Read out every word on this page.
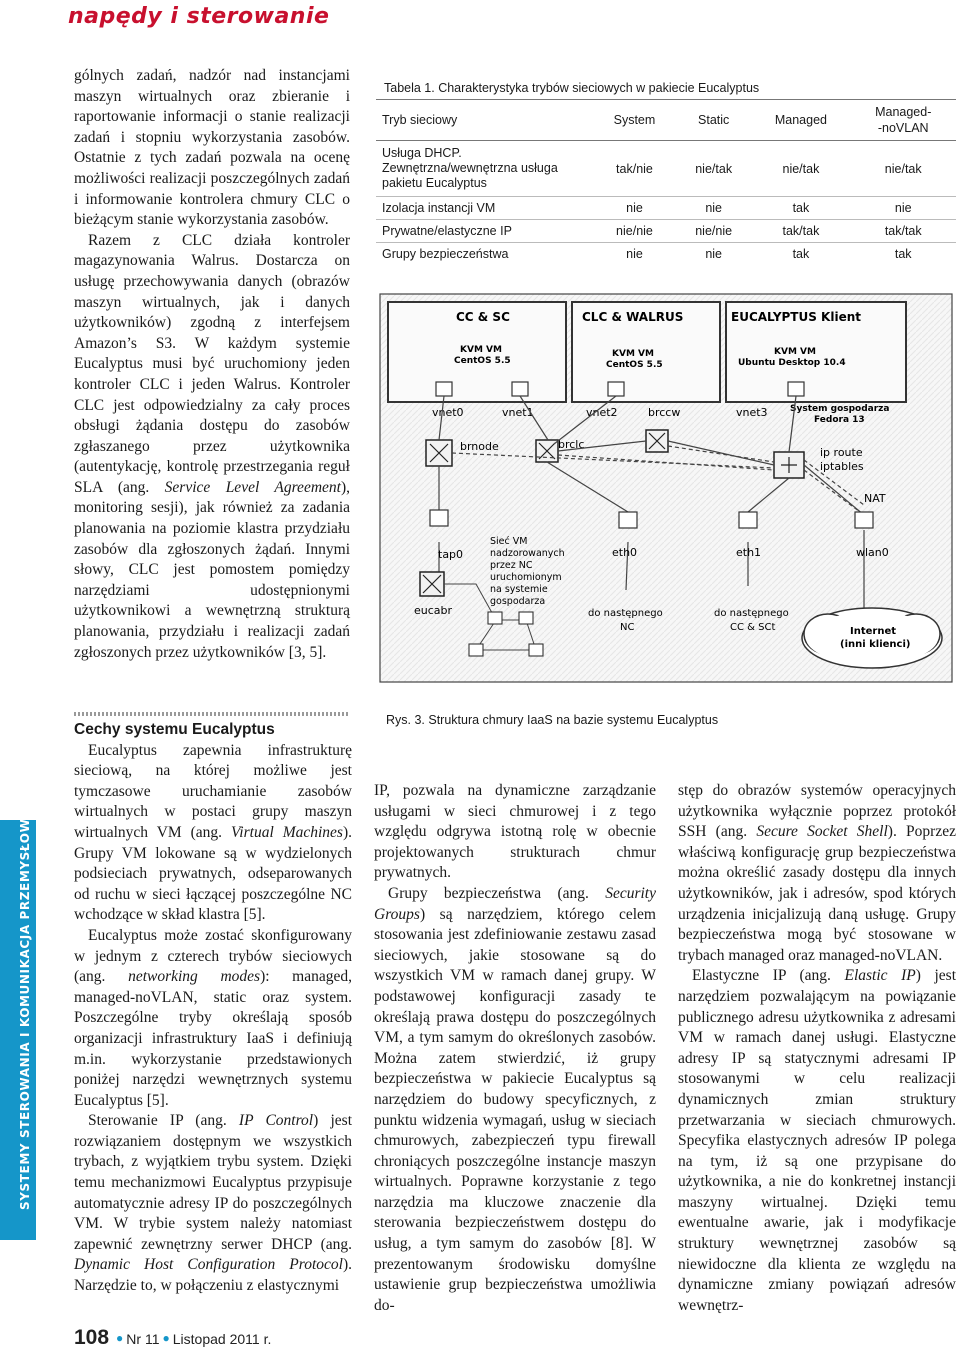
napędy i sterowanie
SYSTEMY STEROWANIA I KOMUNIKACJA PRZEMYSŁOWA

gólnych zadań, nadzór nad instancjami maszyn wirtualnych oraz zbieranie i raportowanie informacji o stanie realizacji zadań i stopniu wykorzystania zasobów. Ostatnie z tych zadań pozwala na ocenę możliwości realizacji poszczególnych zadań i informowanie kontrolera chmury CLC o bieżącym stanie wykorzystania zasobów.

Razem z CLC działa kontroler magazynowania Walrus. Dostarcza on usługę przechowywania danych (obrazów maszyn wirtualnych, jak i danych użytkowników) zgodną z interfejsem Amazon’s S3. W każdym systemie Eucalyptus musi być uruchomiony jeden kontroler CLC i jeden Walrus. Kontroler CLC jest odpowiedzialny za cały proces obsługi żądania dostępu do zasobów zgłaszanego przez użytkownika (autentykację, kontrolę przestrzegania reguł SLA (ang. Service Level Agreement), monitoring sesji), jak również za zadania planowania na poziomie klastra przydziału zasobów dla zgłoszonych żądań. Innymi słowy, CLC jest pomostem pomiędzy narzędziami udostępnionymi użytkownikowi a wewnętrzną strukturą planowania, przydziału i realizacji zadań zgłoszonych przez użytkowników [3, 5].

Cechy systemu Eucalyptus

Eucalyptus zapewnia infrastrukturę sieciową, na której możliwe jest tymczasowe uruchamianie zasobów wirtualnych w postaci grupy maszyn wirtualnych VM (ang. Virtual Machines). Grupy VM lokowane są w wydzielonych podsieciach prywatnych, odseparowanych od ruchu w sieci łączącej poszczególne NC wchodzące w skład klastra [5].

Eucalyptus może zostać skonfigurowany w jednym z czterech trybów sieciowych (ang. networking modes): managed, managed-noVLAN, static oraz system. Poszczególne tryby określają sposób organizacji infrastruktury IaaS i definiują m.in. wykorzystanie przedstawionych poniżej narzędzi wewnętrznych systemu Eucalyptus [5].

Sterowanie IP (ang. IP Control) jest rozwiązaniem dostępnym we wszystkich trybach, z wyjątkiem trybu system. Dzięki temu mechanizmowi Eucalyptus przypisuje automatycznie adresy IP do poszczególnych VM. W trybie system należy natomiast zapewnić zewnętrzny serwer DHCP (ang. Dynamic Host Configuration Protocol). Narzędzie to, w połączeniu z elastycznymi

Tabela 1. Charakterystyka trybów sieciowych w pakiecie Eucalyptus
Tryb sieciowy	System	Static	Managed	Managed-
-noVLAN
Usługa DHCP. Zewnętrzna/wewnętrzna usługa pakietu Eucalyptus	tak/nie	nie/tak	nie/tak	nie/tak
Izolacja instancji VM	nie	nie	tak	nie
Prywatne/elastyczne IP	nie/nie	nie/nie	tak/tak	tak/tak
Grupy bezpieczeństwa	nie	nie	tak	tak
CC & SC	CLC & WALRUS	EUCALYPTUS Klient
KVM VM
CentOS 5.5
KVM VM
CentOS 5.5
KVM VM
Ubuntu Desktop 10.4
System gospodarza
Fedora 13
vnet0	vnet1	vnet2	brccw	vnet3
brnode	brclc
ip route
iptables
NAT
tap0	eth0	eth1	wlan0
eucabr
Sieć VM
nadzorowanych
przez NC
uruchomionym
na systemie
gospodarza
do następnego
NC
do następnego
CC & SCt	Internet
(inni klienci)
Rys. 3. Struktura chmury IaaS na bazie systemu Eucalyptus

IP, pozwala na dynamiczne zarządzanie usługami w sieci chmurowej i z tego względu odgrywa istotną rolę w obecnie projektowanych strukturach chmur prywatnych.

Grupy bezpieczeństwa (ang. Security Groups) są narzędziem, którego celem stosowania jest zdefiniowanie zestawu zasad sieciowych, jakie stosowane są do wszystkich VM w ramach danej grupy. W podstawowej konfiguracji zasady te określają prawa dostępu do poszczególnych VM, a tym samym do określonych zasobów. Można zatem stwierdzić, iż grupy bezpieczeństwa w pakiecie Eucalyptus są narzędziem do budowy specyficznych, z punktu widzenia wymagań, usług w sieciach chmurowych, zabezpieczeń typu firewall chroniących poszczególne instancje maszyn wirtualnych. Poprawne korzystanie z tego narzędzia ma kluczowe znaczenie dla sterowania bezpieczeństwem dostępu do usług, a tym samym do zasobów [8]. W prezentowanym środowisku domyślne ustawienie grup bezpieczeństwa umożliwia do-

stęp do obrazów systemów operacyjnych użytkownika wyłącznie poprzez protokół SSH (ang. Secure Socket Shell). Poprzez właściwą konfigurację grup bezpieczeństwa można określić zasady dostępu dla innych użytkowników, jak i adresów, spod których urządzenia inicjalizują daną usługę. Grupy bezpieczeństwa mogą być stosowane w trybach managed oraz managed-noVLAN.

Elastyczne IP (ang. Elastic IP) jest narzędziem pozwalającym na powiązanie publicznego adresu użytkownika z adresami VM w ramach danej usługi. Elastyczne adresy IP są statycznymi adresami IP stosowanymi w celu realizacji dynamicznych zmian struktury przetwarzania w sieciach chmurowych. Specyfika elastycznych adresów IP polega na tym, iż są one przypisane do użytkownika, a nie do konkretnej instancji maszyny wirtualnej. Dzięki temu ewentualne awarie, jak i modyfikacje struktury wewnętrznej zasobów są niewidoczne dla klienta ze względu na dynamiczne zmiany powiązań adresów wewnętrz-

108 ● Nr 11 ● Listopad 2011 r.
